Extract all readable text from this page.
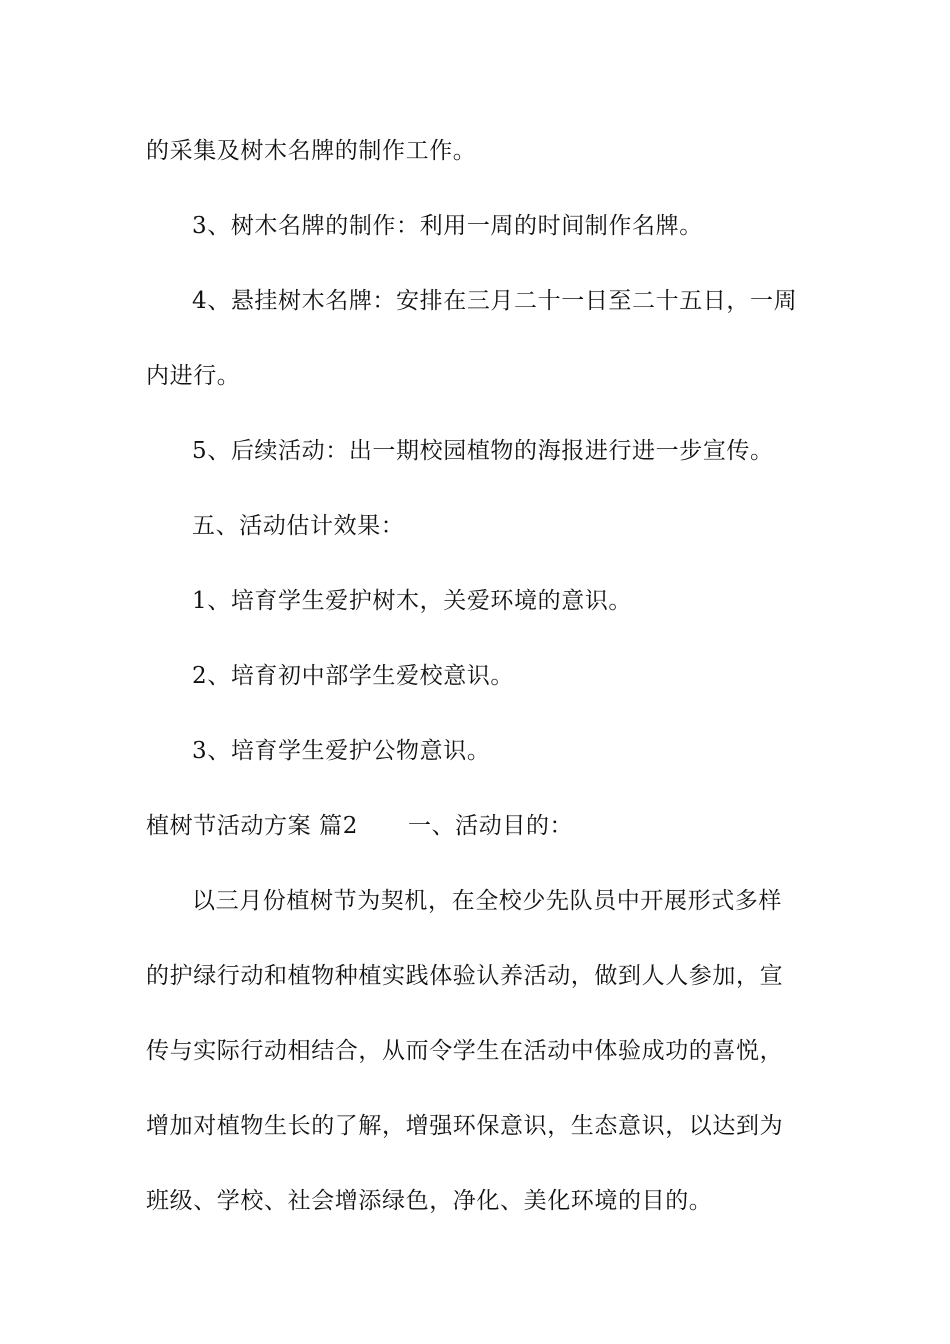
的采集及树木名牌的制作工作。
3、树木名牌的制作：利用一周的时间制作名牌。
4、悬挂树木名牌：安排在三月二十一日至二十五日，一周
内进行。
5、后续活动：出一期校园植物的海报进行进一步宣传。
五、活动估计效果：
1、培育学生爱护树木，关爱环境的意识。
2、培育初中部学生爱校意识。
3、培育学生爱护公物意识。
植树节活动方案 篇2 一、活动目的：
以三月份植树节为契机，在全校少先队员中开展形式多样
的护绿行动和植物种植实践体验认养活动，做到人人参加，宣
传与实际行动相结合，从而令学生在活动中体验成功的喜悦，
增加对植物生长的了解，增强环保意识，生态意识，以达到为
班级、学校、社会增添绿色，净化、美化环境的目的。
